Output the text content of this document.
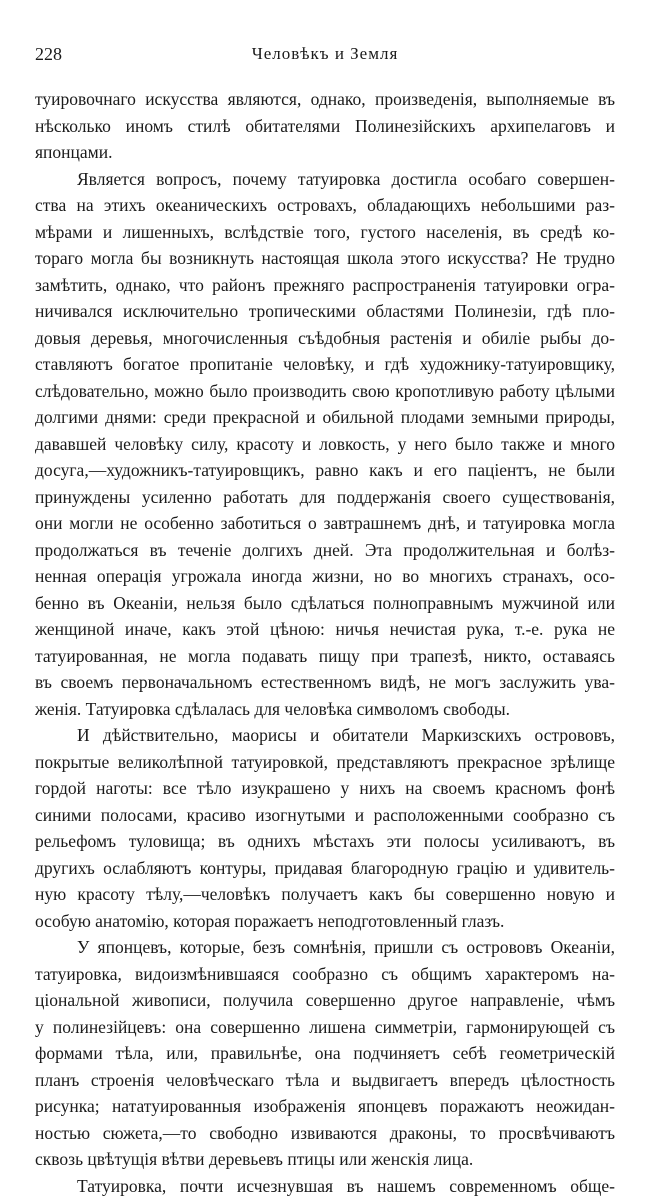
228	Человѣкъ и Земля
туировочнаго искусства являются, однако, произведенія, выполняемые въ
нѣсколько иномъ стилѣ обитателями Полинезійскихъ архипелаговъ и
японцами.
Является вопросъ, почему татуировка достигла особаго совершен-
ства на этихъ океаническихъ островахъ, обладающихъ небольшими раз-
мѣрами и лишенныхъ, вслѣдствіе того, густого населенія, въ средѣ ко-
тораго могла бы возникнуть настоящая школа этого искусства? Не трудно
замѣтить, однако, что районъ прежняго распространенія татуировки огра-
ничивался исключительно тропическими областями Полинезіи, гдѣ пло-
довыя деревья, многочисленныя съѣдобныя растенія и обиліе рыбы до-
ставляютъ богатое пропитаніе человѣку, и гдѣ художнику-татуировщику,
слѣдовательно, можно было производить свою кропотливую работу цѣлыми
долгими днями: среди прекрасной и обильной плодами земными природы,
дававшей человѣку силу, красоту и ловкость, у него было также и много
досуга,—художникъ-татуировщикъ, равно какъ и его паціентъ, не были
принуждены усиленно работать для поддержанія своего существованія,
они могли не особенно заботиться о завтрашнемъ днѣ, и татуировка могла
продолжаться въ теченіе долгихъ дней. Эта продолжительная и болѣз-
ненная операція угрожала иногда жизни, но во многихъ странахъ, осо-
бенно въ Океаніи, нельзя было сдѣлаться полноправнымъ мужчиной или
женщиной иначе, какъ этой цѣною: ничья нечистая рука, т.-е. рука не
татуированная, не могла подавать пищу при трапезѣ, никто, оставаясь
въ своемъ первоначальномъ естественномъ видѣ, не могъ заслужить ува-
женія. Татуировка сдѣлалась для человѣка символомъ свободы.
И дѣйствительно, маорисы и обитатели Маркизскихъ острововъ,
покрытые великолѣпной татуировкой, представляютъ прекрасное зрѣлище
гордой наготы: все тѣло изукрашено у нихъ на своемъ красномъ фонѣ
синими полосами, красиво изогнутыми и расположенными сообразно съ
рельефомъ туловища; въ однихъ мѣстахъ эти полосы усиливаютъ, въ
другихъ ослабляютъ контуры, придавая благородную грацію и удивитель-
ную красоту тѣлу,—человѣкъ получаетъ какъ бы совершенно новую и
особую анатомію, которая поражаетъ неподготовленный глазъ.
У японцевъ, которые, безъ сомнѣнія, пришли съ острововъ Океаніи,
татуировка, видоизмѣнившаяся сообразно съ общимъ характеромъ на-
ціональной живописи, получила совершенно другое направленіе, чѣмъ
у полинезійцевъ: она совершенно лишена симметріи, гармонирующей съ
формами тѣла, или, правильнѣе, она подчиняетъ себѣ геометрическій
планъ строенія человѣческаго тѣла и выдвигаетъ впередъ цѣлостность
рисунка; нататуированныя изображенія японцевъ поражаютъ неожидан-
ностью сюжета,—то свободно извиваются драконы, то просвѣчиваютъ
сквозь цвѣтущія вѣтви деревьевъ птицы или женскія лица.
Татуировка, почти исчезнувшая въ нашемъ современномъ обще-
